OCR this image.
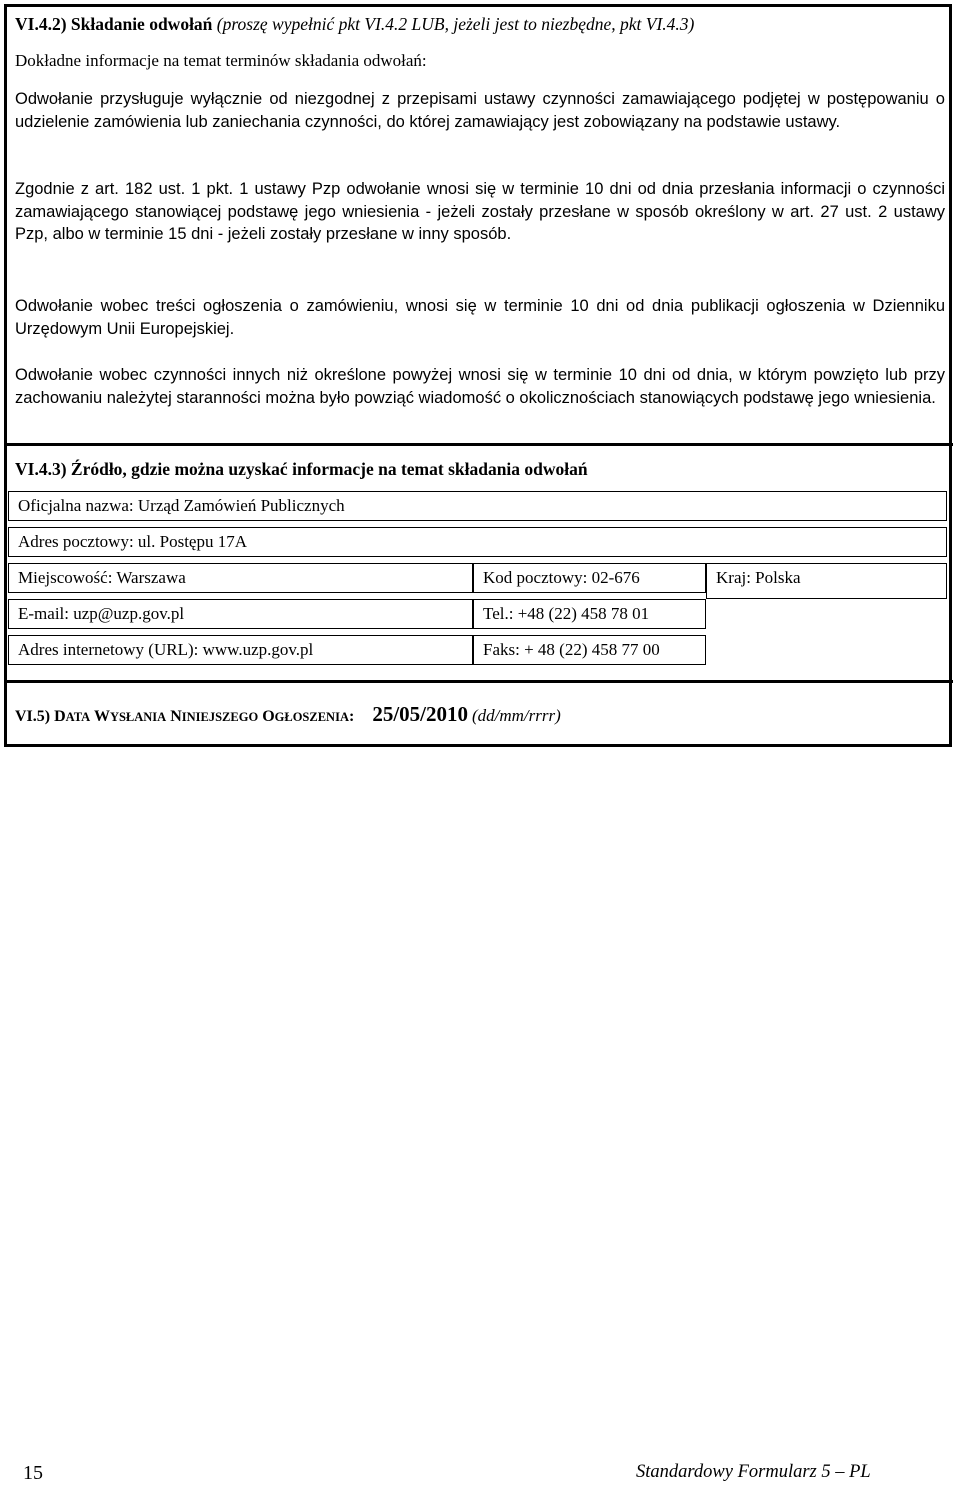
VI.4.2) Składanie odwołań (proszę wypełnić pkt VI.4.2 LUB, jeżeli jest to niezbędne, pkt VI.4.3)
Dokładne informacje na temat terminów składania odwołań:
Odwołanie przysługuje wyłącznie od niezgodnej z przepisami ustawy czynności zamawiającego podjętej w postępowaniu o udzielenie zamówienia lub zaniechania czynności, do której zamawiający jest zobowiązany na podstawie ustawy.
Zgodnie z art. 182 ust. 1 pkt. 1 ustawy Pzp odwołanie wnosi się w terminie 10 dni od dnia przesłania informacji o czynności zamawiającego stanowiącej podstawę jego wniesienia - jeżeli zostały przesłane w sposób określony w art. 27 ust. 2 ustawy Pzp, albo w terminie 15 dni - jeżeli zostały przesłane w inny sposób.
Odwołanie wobec treści ogłoszenia o zamówieniu, wnosi się w terminie 10 dni od dnia publikacji ogłoszenia w Dzienniku Urzędowym Unii Europejskiej.
Odwołanie wobec czynności innych niż określone powyżej wnosi się w terminie 10 dni od dnia, w którym powzięto lub przy zachowaniu należytej staranności można było powziąć wiadomość o okolicznościach stanowiących podstawę jego wniesienia.
VI.4.3) Źródło, gdzie można uzyskać informacje na temat składania odwołań
Oficjalna nazwa: Urząd Zamówień Publicznych
Adres pocztowy: ul. Postępu 17A
Miejscowość: Warszawa	Kod pocztowy: 02-676	Kraj: Polska
E-mail: uzp@uzp.gov.pl	Tel.: +48 (22) 458 78 01
Adres internetowy (URL): www.uzp.gov.pl	Faks: + 48 (22) 458 77 00
VI.5) DATA WYSŁANIA NINIEJSZEGO OGŁOSZENIA: 25/05/2010 (dd/mm/rrrr)
15	Standardowy Formularz 5 – PL
